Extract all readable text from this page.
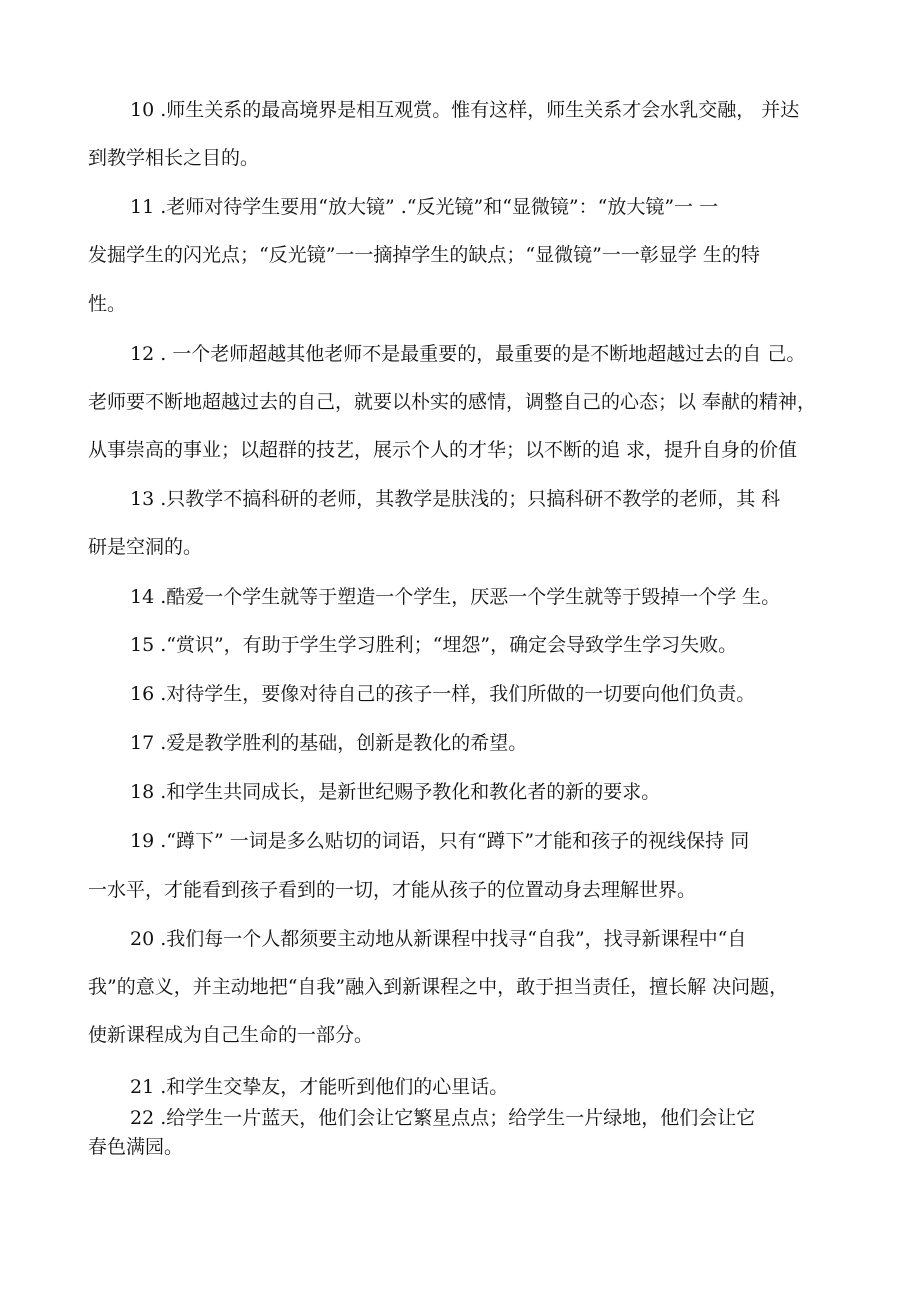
10 .师生关系的最高境界是相互观赏。惟有这样，师生关系才会水乳交融， 并达
到教学相长之目的。
11 .老师对待学生要用“放大镜” .“反光镜”和“显微镜”：“放大镜”一 一
发掘学生的闪光点；“反光镜”一一摘掉学生的缺点；“显微镜”一一彰显学 生的特
性。
12 . 一个老师超越其他老师不是最重要的，最重要的是不断地超越过去的自 己。
老师要不断地超越过去的自己，就要以朴实的感情，调整自己的心态；以 奉献的精神，
从事崇高的事业；以超群的技艺，展示个人的才华；以不断的追 求，提升自身的价值
13 .只教学不搞科研的老师，其教学是肤浅的；只搞科研不教学的老师，其 科
研是空洞的。
14 .酷爱一个学生就等于塑造一个学生，厌恶一个学生就等于毁掉一个学 生。
15 .“赏识”，有助于学生学习胜利；“埋怨”，确定会导致学生学习失败。
16 .对待学生，要像对待自己的孩子一样，我们所做的一切要向他们负责。
17 .爱是教学胜利的基础，创新是教化的希望。
18 .和学生共同成长，是新世纪赐予教化和教化者的新的要求。
19 .“蹲下” 一词是多么贴切的词语，只有“蹲下”才能和孩子的视线保持 同
一水平，才能看到孩子看到的一切，才能从孩子的位置动身去理解世界。
20 .我们每一个人都须要主动地从新课程中找寻“自我”，找寻新课程中“自
我”的意义，并主动地把“自我”融入到新课程之中，敢于担当责任，擅长解 决问题，
使新课程成为自己生命的一部分。
21 .和学生交挚友，才能听到他们的心里话。
22 .给学生一片蓝天，他们会让它繁星点点；给学生一片绿地，他们会让它
春色满园。
